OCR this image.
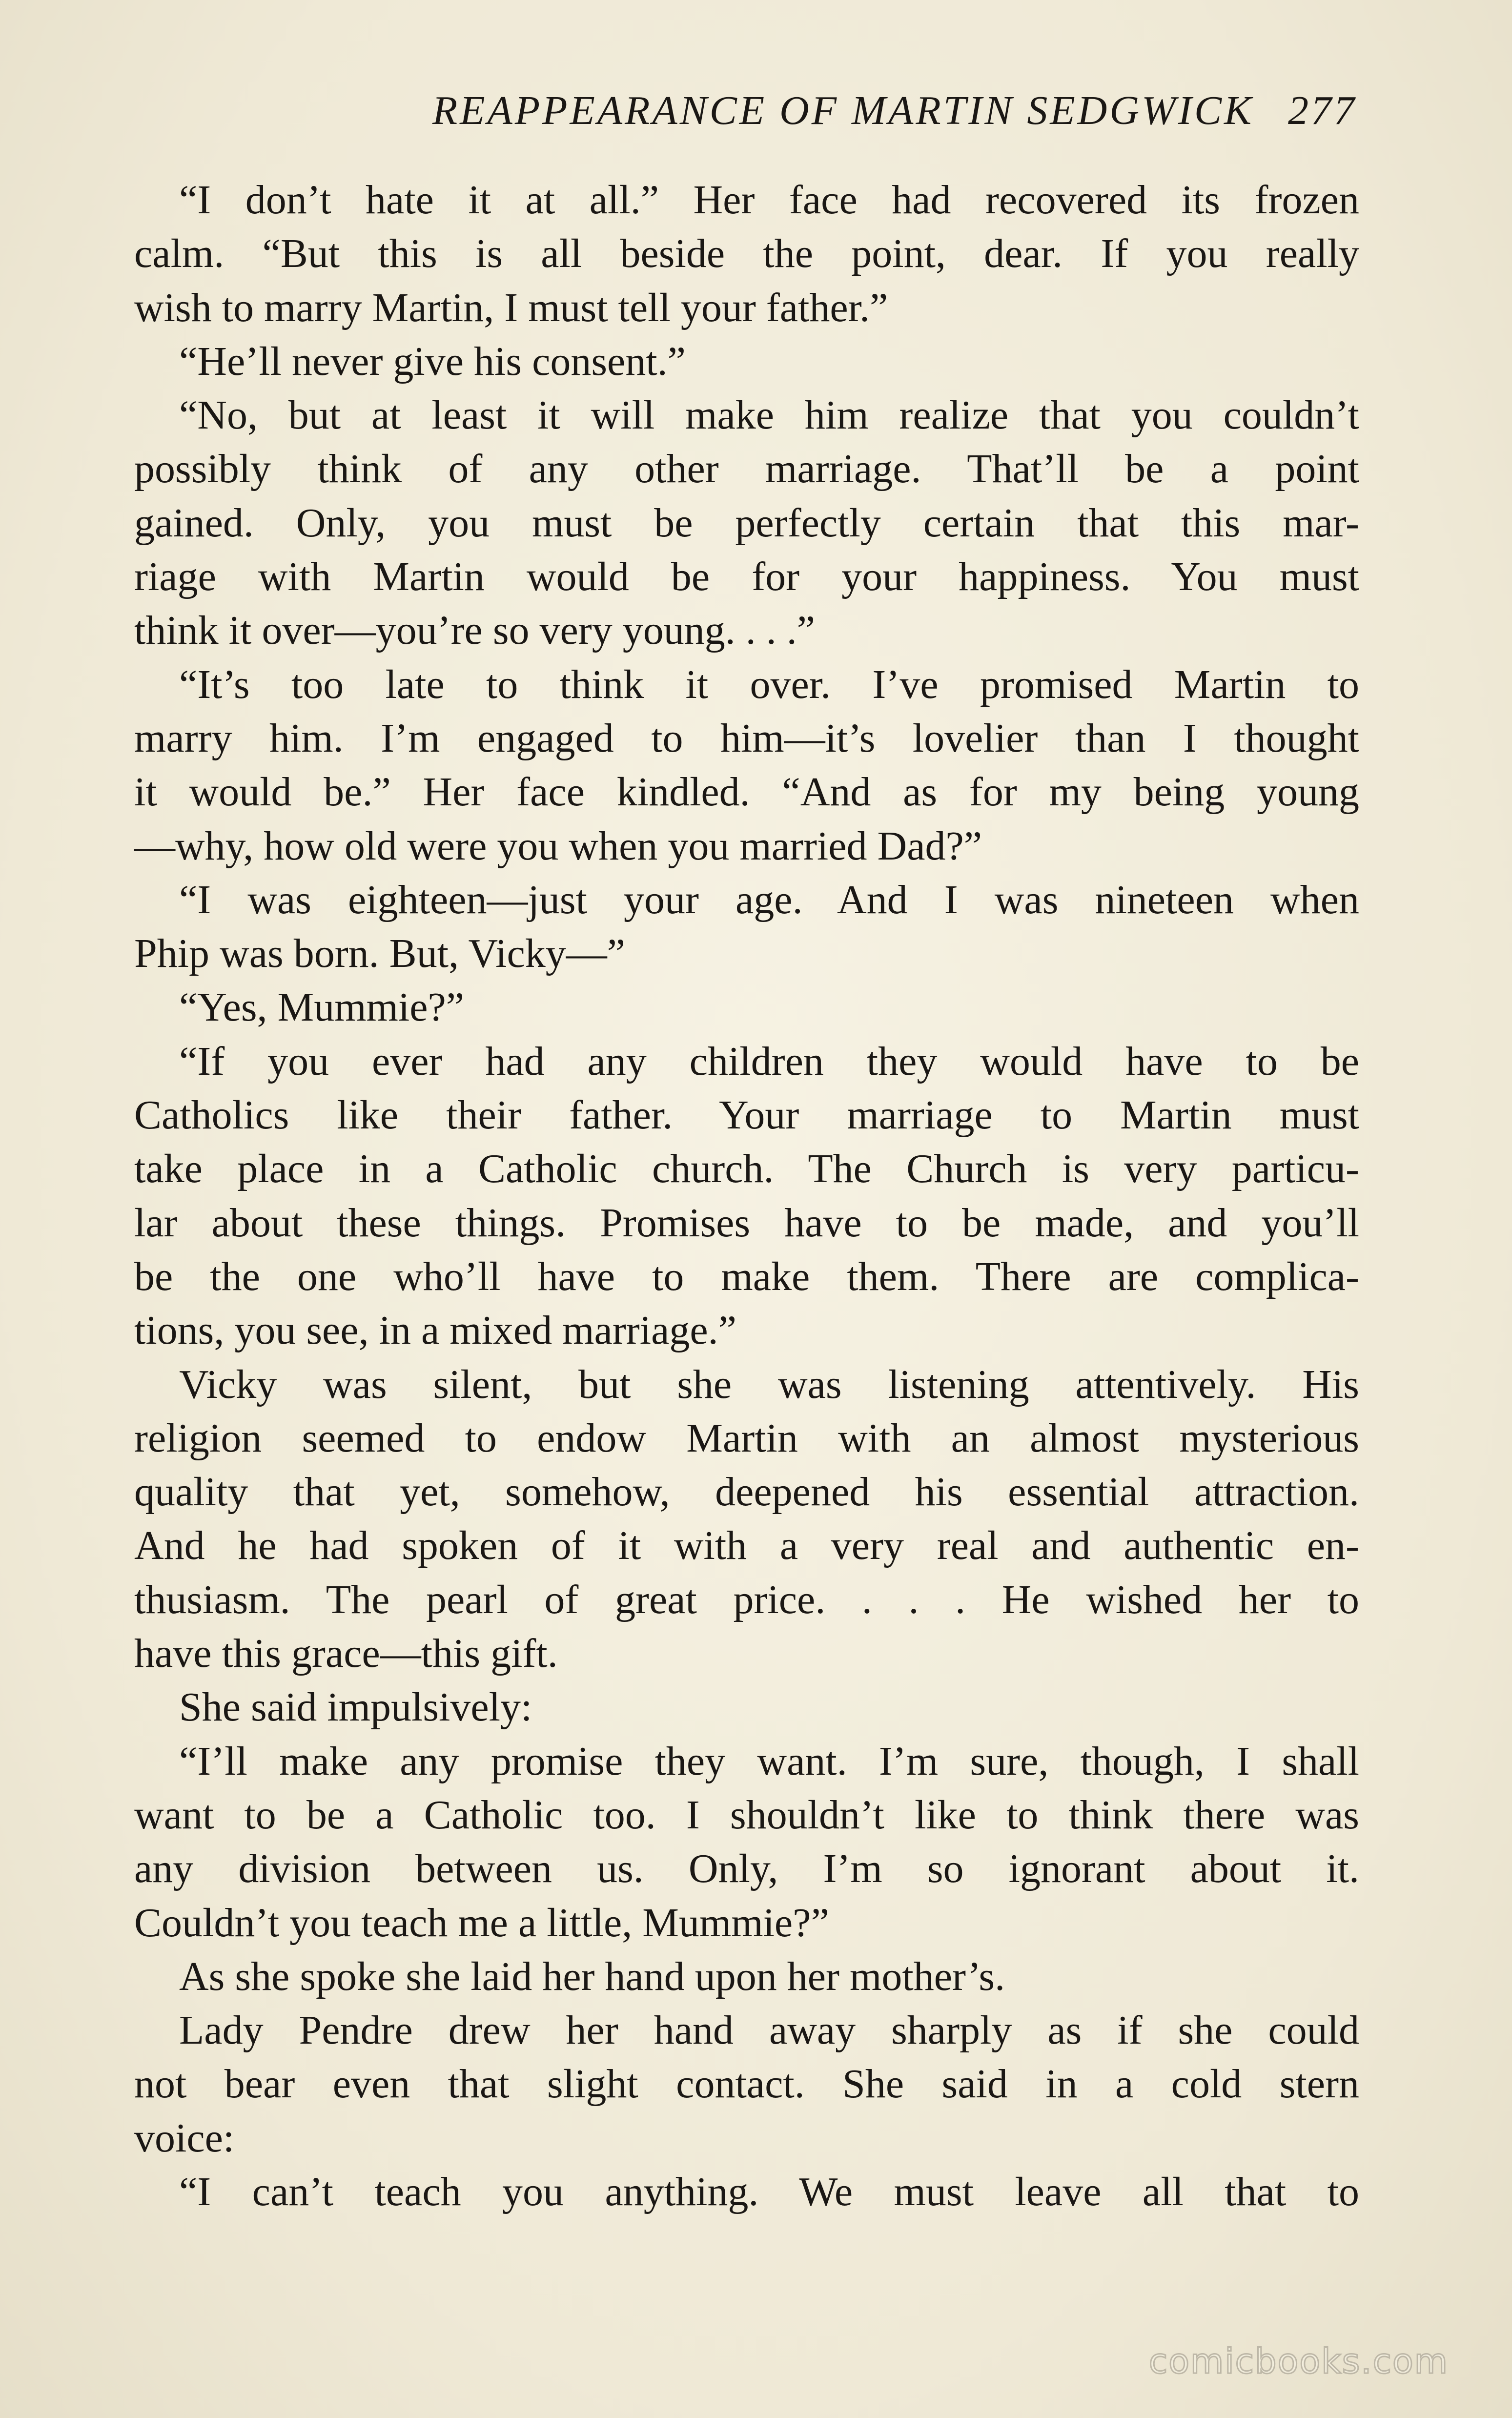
REAPPEARANCE OF MARTIN SEDGWICK 277
“I don’t hate it at all.” Her face had recovered its frozen
calm. “But this is all beside the point, dear. If you really
wish to marry Martin, I must tell your father.”
“He’ll never give his consent.”
“No, but at least it will make him realize that you couldn’t
possibly think of any other marriage. That’ll be a point
gained. Only, you must be perfectly certain that this mar-
riage with Martin would be for your happiness. You must
think it over—you’re so very young. . . .”
“It’s too late to think it over. I’ve promised Martin to
marry him. I’m engaged to him—it’s lovelier than I thought
it would be.” Her face kindled. “And as for my being young
—why, how old were you when you married Dad?”
“I was eighteen—just your age. And I was nineteen when
Phip was born. But, Vicky—”
“Yes, Mummie?”
“If you ever had any children they would have to be
Catholics like their father. Your marriage to Martin must
take place in a Catholic church. The Church is very particu-
lar about these things. Promises have to be made, and you’ll
be the one who’ll have to make them. There are complica-
tions, you see, in a mixed marriage.”
Vicky was silent, but she was listening attentively. His
religion seemed to endow Martin with an almost mysterious
quality that yet, somehow, deepened his essential attraction.
And he had spoken of it with a very real and authentic en-
thusiasm. The pearl of great price. . . . He wished her to
have this grace—this gift.
She said impulsively:
“I’ll make any promise they want. I’m sure, though, I shall
want to be a Catholic too. I shouldn’t like to think there was
any division between us. Only, I’m so ignorant about it.
Couldn’t you teach me a little, Mummie?”
As she spoke she laid her hand upon her mother’s.
Lady Pendre drew her hand away sharply as if she could
not bear even that slight contact. She said in a cold stern
voice:
“I can’t teach you anything. We must leave all that to
comicbooks.com
